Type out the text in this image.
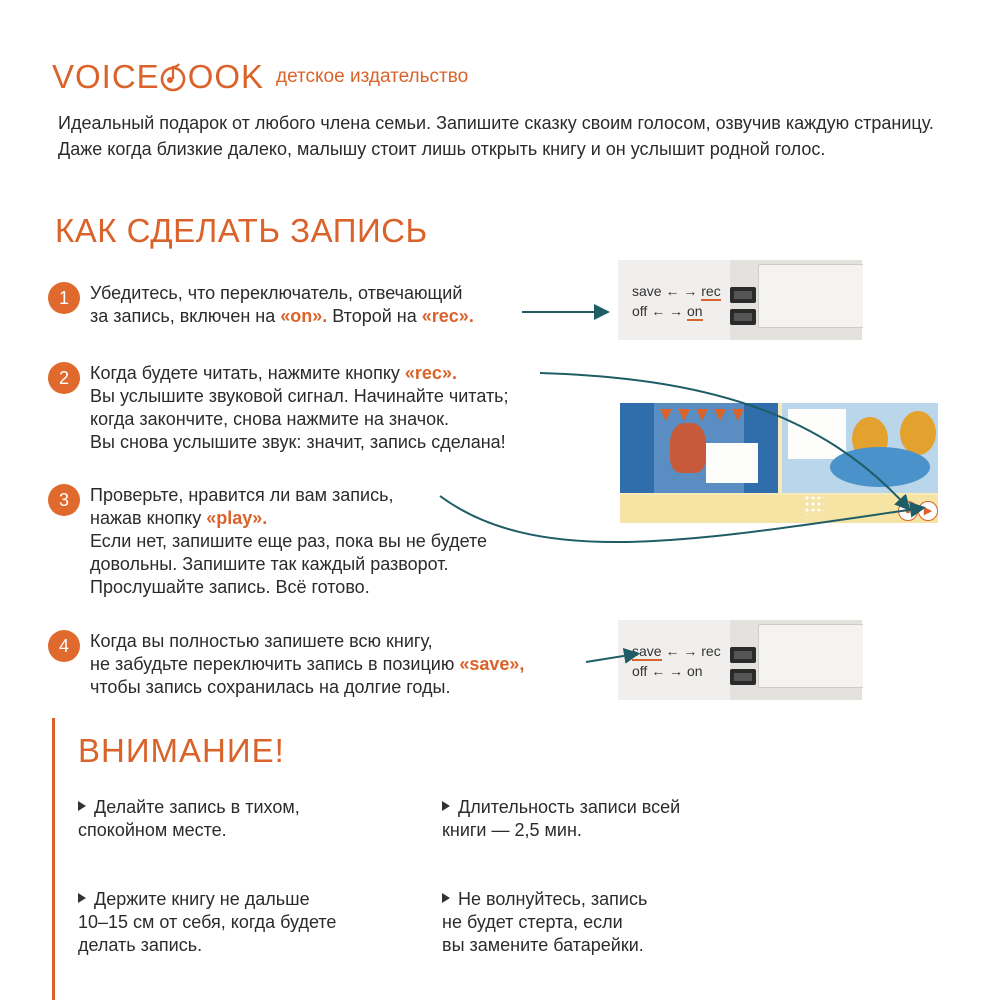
VOICE OOK детское издательство
Идеальный подарок от любого члена семьи. Запишите сказку своим голосом, озвучив каждую страницу. Даже когда близкие далеко, малышу стоит лишь открыть книгу и он услышит родной голос.
КАК СДЕЛАТЬ ЗАПИСЬ
1	Убедитесь, что переключатель, отвечающий
за запись, включен на «on». Второй на «rec».
2	Когда будете читать, нажмите кнопку «rec».
Вы услышите звуковой сигнал. Начинайте читать;
когда закончите, снова нажмите на значок.
Вы снова услышите звук: значит, запись сделана!
3	Проверьте, нравится ли вам запись,
нажав кнопку «play».
Если нет, запишите еще раз, пока вы не будете
довольны. Запишите так каждый разворот.
Прослушайте запись. Всё готово.
4	Когда вы полностью запишете всю книгу,
не забудьте переключить запись в позицию «save»,
чтобы запись сохранилась на долгие годы.
save ← → rec
off ← → on
●	▶
save ← → rec
off ← → on
ВНИМАНИЕ!
Делайте запись в тихом,
спокойном месте.
Длительность записи всей
книги — 2,5 мин.
Держите книгу не дальше
10–15 см от себя, когда будете
делать запись.
Не волнуйтесь, запись
не будет стерта, если
вы замените батарейки.
